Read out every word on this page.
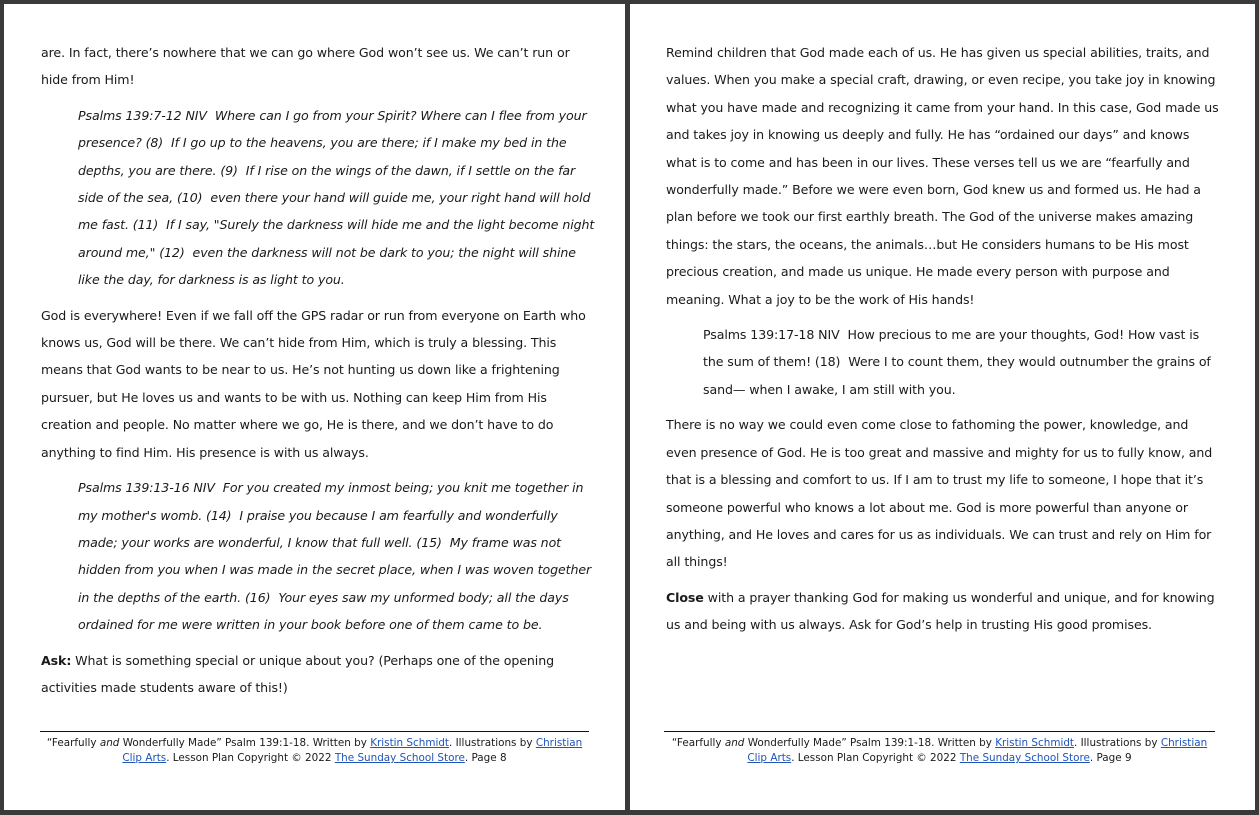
are. In fact, there’s nowhere that we can go where God won’t see us. We can’t run or hide from Him!

Psalms 139:7-12 NIV Where can I go from your Spirit? Where can I flee from your presence? (8) If I go up to the heavens, you are there; if I make my bed in the depths, you are there. (9) If I rise on the wings of the dawn, if I settle on the far side of the sea, (10) even there your hand will guide me, your right hand will hold me fast. (11) If I say, "Surely the darkness will hide me and the light become night around me," (12) even the darkness will not be dark to you; the night will shine like the day, for darkness is as light to you.

God is everywhere! Even if we fall off the GPS radar or run from everyone on Earth who knows us, God will be there. We can’t hide from Him, which is truly a blessing. This means that God wants to be near to us. He’s not hunting us down like a frightening pursuer, but He loves us and wants to be with us. Nothing can keep Him from His creation and people. No matter where we go, He is there, and we don’t have to do anything to find Him. His presence is with us always.

Psalms 139:13-16 NIV For you created my inmost being; you knit me together in my mother's womb. (14) I praise you because I am fearfully and wonderfully made; your works are wonderful, I know that full well. (15) My frame was not hidden from you when I was made in the secret place, when I was woven together in the depths of the earth. (16) Your eyes saw my unformed body; all the days ordained for me were written in your book before one of them came to be.

Ask: What is something special or unique about you? (Perhaps one of the opening activities made students aware of this!)

“Fearfully and Wonderfully Made” Psalm 139:1-18. Written by Kristin Schmidt. Illustrations by Christian Clip Arts. Lesson Plan Copyright © 2022 The Sunday School Store. Page 8

Remind children that God made each of us. He has given us special abilities, traits, and values. When you make a special craft, drawing, or even recipe, you take joy in knowing what you have made and recognizing it came from your hand. In this case, God made us and takes joy in knowing us deeply and fully. He has “ordained our days” and knows what is to come and has been in our lives. These verses tell us we are “fearfully and wonderfully made.” Before we were even born, God knew us and formed us. He had a plan before we took our first earthly breath. The God of the universe makes amazing things: the stars, the oceans, the animals…but He considers humans to be His most precious creation, and made us unique. He made every person with purpose and meaning. What a joy to be the work of His hands!

Psalms 139:17-18 NIV How precious to me are your thoughts, God! How vast is the sum of them! (18) Were I to count them, they would outnumber the grains of sand— when I awake, I am still with you.

There is no way we could even come close to fathoming the power, knowledge, and even presence of God. He is too great and massive and mighty for us to fully know, and that is a blessing and comfort to us. If I am to trust my life to someone, I hope that it’s someone powerful who knows a lot about me. God is more powerful than anyone or anything, and He loves and cares for us as individuals. We can trust and rely on Him for all things!

Close with a prayer thanking God for making us wonderful and unique, and for knowing us and being with us always. Ask for God’s help in trusting His good promises.

“Fearfully and Wonderfully Made” Psalm 139:1-18. Written by Kristin Schmidt. Illustrations by Christian Clip Arts. Lesson Plan Copyright © 2022 The Sunday School Store. Page 9
